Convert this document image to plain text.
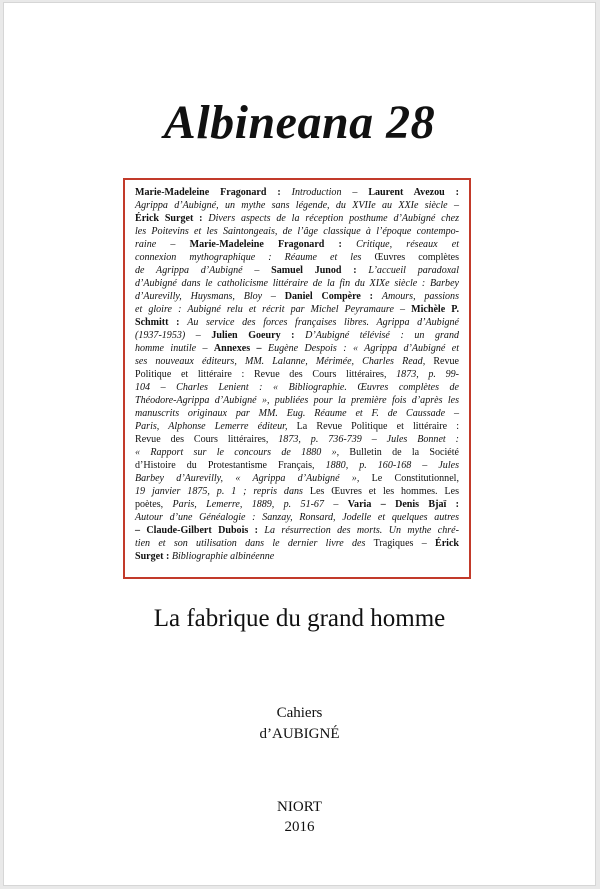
Albineana 28
Marie-Madeleine Fragonard : Introduction – Laurent Avezou :
Agrippa d’Aubigné, un mythe sans légende, du XVIIe au XXIe siècle –
Érick Surget : Divers aspects de la réception posthume d’Aubigné chez
les Poitevins et les Saintongeais, de l’âge classique à l’époque contempo-
raine – Marie-Madeleine Fragonard : Critique, réseaux et
connexion mythographique : Réaume et les Œuvres complètes
de Agrippa d’Aubigné – Samuel Junod : L’accueil paradoxal
d’Aubigné dans le catholicisme littéraire de la fin du XIXe siècle : Barbey
d’Aurevilly, Huysmans, Bloy – Daniel Compère : Amours, passions
et gloire : Aubigné relu et récrit par Michel Peyramaure – Michèle P.
Schmitt : Au service des forces françaises libres. Agrippa d’Aubigné
(1937-1953) – Julien Goeury : D’Aubigné télévisé : un grand
homme inutile – Annexes – Eugène Despois : « Agrippa d’Aubigné et
ses nouveaux éditeurs, MM. Lalanne, Mérimée, Charles Read, Revue
Politique et littéraire : Revue des Cours littéraires, 1873, p. 99-
104 – Charles Lenient : « Bibliographie. Œuvres complètes de
Théodore-Agrippa d’Aubigné », publiées pour la première fois d’après les
manuscrits originaux par MM. Eug. Réaume et F. de Caussade –
Paris, Alphonse Lemerre éditeur, La Revue Politique et littéraire :
Revue des Cours littéraires, 1873, p. 736-739 – Jules Bonnet :
« Rapport sur le concours de 1880 », Bulletin de la Société
d’Histoire du Protestantisme Français, 1880, p. 160-168 – Jules
Barbey d’Aurevilly, « Agrippa d’Aubigné », Le Constitutionnel,
19 janvier 1875, p. 1 ; repris dans Les Œuvres et les hommes. Les
poètes, Paris, Lemerre, 1889, p. 51-67 – Varia – Denis Bjaï :
Autour d’une Généalogie : Sanzay, Ronsard, Jodelle et quelques autres
– Claude-Gilbert Dubois : La résurrection des morts. Un mythe chré-
tien et son utilisation dans le dernier livre des Tragiques – Érick
Surget : Bibliographie albinéenne
La fabrique du grand homme
Cahiers
d’AUBIGNÉ
NIORT
2016
